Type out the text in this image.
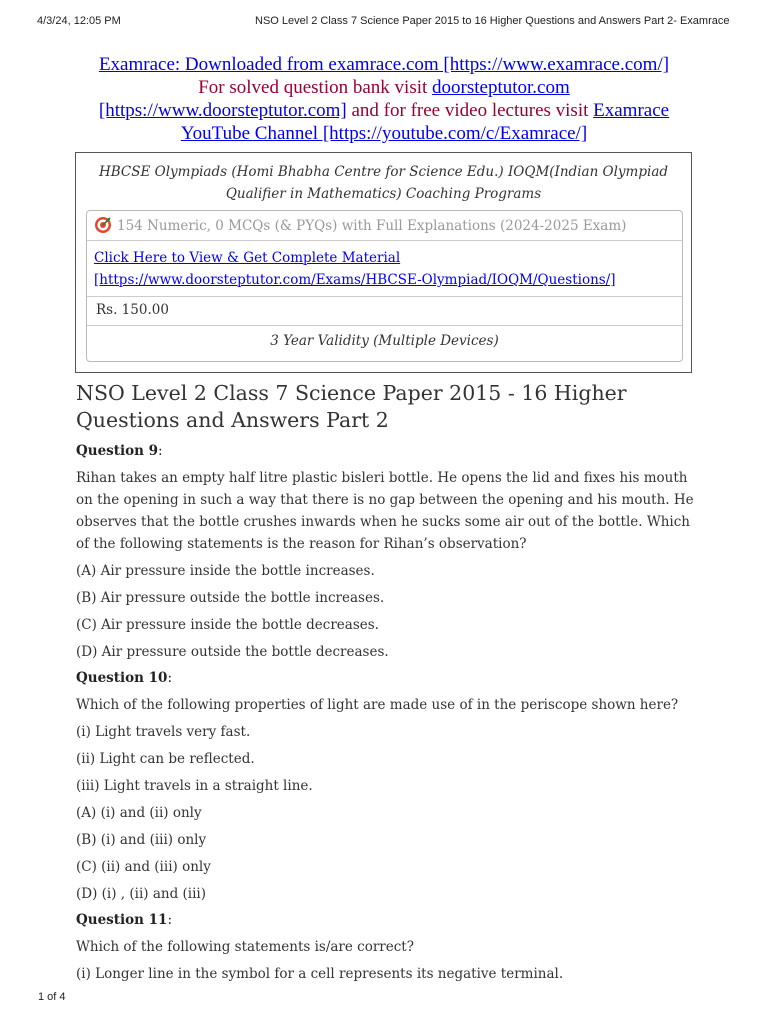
4/3/24, 12:05 PM	NSO Level 2 Class 7 Science Paper 2015 to 16 Higher Questions and Answers Part 2- Examrace
Examrace: Downloaded from examrace.com [https://www.examrace.com/]
For solved question bank visit doorsteptutor.com
[https://www.doorsteptutor.com] and for free video lectures visit Examrace
YouTube Channel [https://youtube.com/c/Examrace/]
HBCSE Olympiads (Homi Bhabha Centre for Science Edu.) IOQM(Indian Olympiad Qualifier in Mathematics) Coaching Programs
154 Numeric, 0 MCQs (& PYQs) with Full Explanations (2024-2025 Exam)
Click Here to View & Get Complete Material
[https://www.doorsteptutor.com/Exams/HBCSE-Olympiad/IOQM/Questions/]
Rs. 150.00
3 Year Validity (Multiple Devices)
NSO Level 2 Class 7 Science Paper 2015 - 16 Higher Questions and Answers Part 2

Question 9:

Rihan takes an empty half litre plastic bisleri bottle. He opens the lid and fixes his mouth on the opening in such a way that there is no gap between the opening and his mouth. He observes that the bottle crushes inwards when he sucks some air out of the bottle. Which of the following statements is the reason for Rihan’s observation?

(A) Air pressure inside the bottle increases.

(B) Air pressure outside the bottle increases.

(C) Air pressure inside the bottle decreases.

(D) Air pressure outside the bottle decreases.

Question 10:

Which of the following properties of light are made use of in the periscope shown here?

(i) Light travels very fast.

(ii) Light can be reflected.

(iii) Light travels in a straight line.

(A) (i) and (ii) only

(B) (i) and (iii) only

(C) (ii) and (iii) only

(D) (i) , (ii) and (iii)

Question 11:

Which of the following statements is/are correct?

(i) Longer line in the symbol for a cell represents its negative terminal.

1 of 4
